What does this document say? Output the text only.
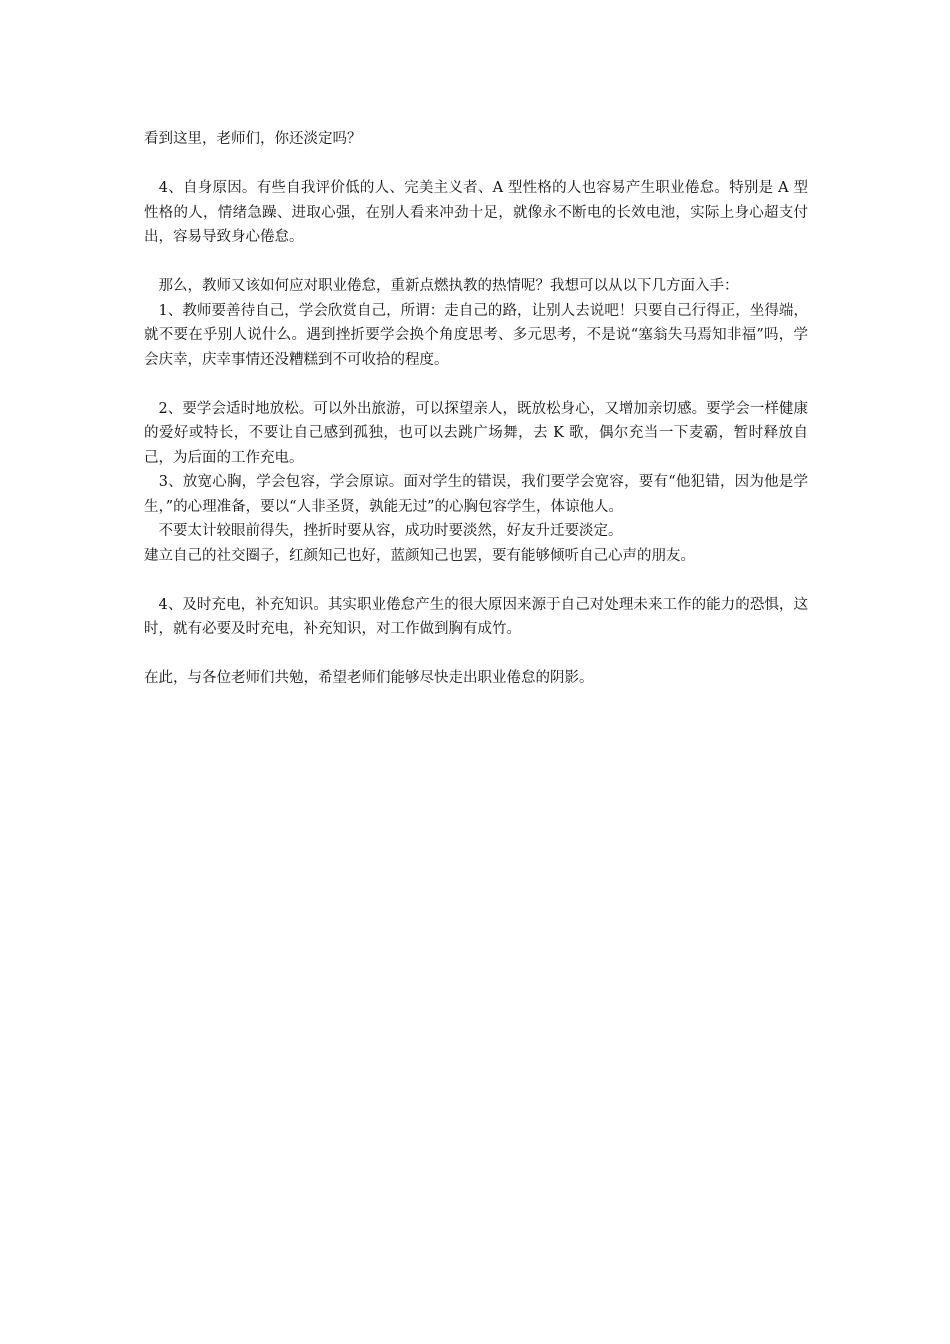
看到这里，老师们，你还淡定吗？

　4、自身原因。有些自我评价低的人、完美主义者、A 型性格的人也容易产生职业倦怠。特别是 A 型性格的人，情绪急躁、进取心强，在别人看来冲劲十足，就像永不断电的长效电池，实际上身心超支付出，容易导致身心倦怠。

　那么，教师又该如何应对职业倦怠，重新点燃执教的热情呢？我想可以从以下几方面入手：

　1、教师要善待自己，学会欣赏自己，所谓：走自己的路，让别人去说吧！只要自己行得正，坐得端，就不要在乎别人说什么。遇到挫折要学会换个角度思考、多元思考，不是说“塞翁失马焉知非福”吗，学会庆幸，庆幸事情还没糟糕到不可收拾的程度。

　2、要学会适时地放松。可以外出旅游，可以探望亲人，既放松身心，又增加亲切感。要学会一样健康的爱好或特长，不要让自己感到孤独，也可以去跳广场舞，去 K 歌，偶尔充当一下麦霸，暂时释放自己，为后面的工作充电。

　3、放宽心胸，学会包容，学会原谅。面对学生的错误，我们要学会宽容，要有“他犯错，因为他是学生，”的心理准备，要以“人非圣贤，孰能无过”的心胸包容学生，体谅他人。

　不要太计较眼前得失，挫折时要从容，成功时要淡然，好友升迁要淡定。

建立自己的社交圈子，红颜知己也好，蓝颜知己也罢，要有能够倾听自己心声的朋友。

　4、及时充电，补充知识。其实职业倦怠产生的很大原因来源于自己对处理未来工作的能力的恐惧，这时，就有必要及时充电，补充知识，对工作做到胸有成竹。

在此，与各位老师们共勉，希望老师们能够尽快走出职业倦怠的阴影。
